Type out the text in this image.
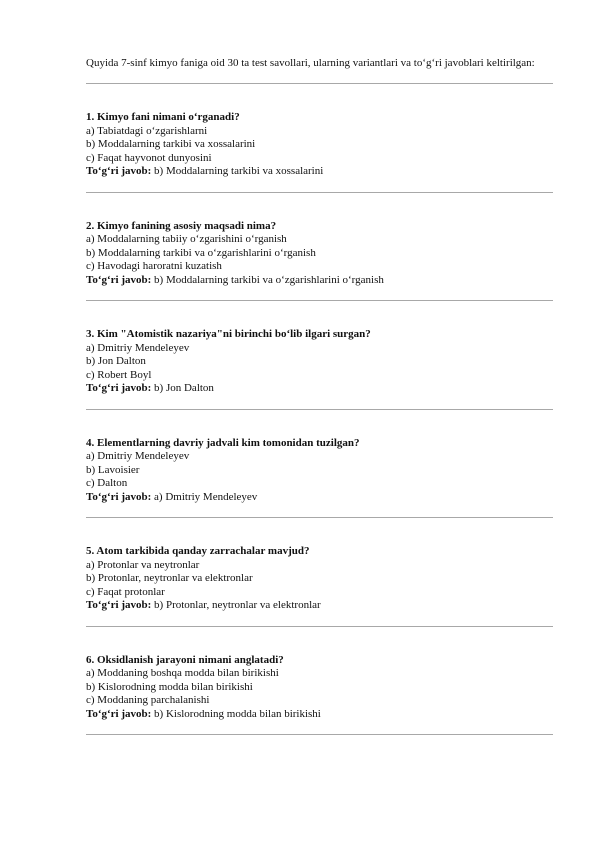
Quyida 7-sinf kimyo faniga oid 30 ta test savollari, ularning variantlari va to‘g‘ri javoblari keltirilgan:

1. Kimyo fani nimani o‘rganadi?

a) Tabiatdagi o‘zgarishlarni

b) Moddalarning tarkibi va xossalarini

c) Faqat hayvonot dunyosini

To‘g‘ri javob: b) Moddalarning tarkibi va xossalarini

2. Kimyo fanining asosiy maqsadi nima?

a) Moddalarning tabiiy o‘zgarishini o‘rganish

b) Moddalarning tarkibi va o‘zgarishlarini o‘rganish

c) Havodagi haroratni kuzatish

To‘g‘ri javob: b) Moddalarning tarkibi va o‘zgarishlarini o‘rganish

3. Kim "Atomistik nazariya"ni birinchi bo‘lib ilgari surgan?

a) Dmitriy Mendeleyev

b) Jon Dalton

c) Robert Boyl

To‘g‘ri javob: b) Jon Dalton

4. Elementlarning davriy jadvali kim tomonidan tuzilgan?

a) Dmitriy Mendeleyev

b) Lavoisier

c) Dalton

To‘g‘ri javob: a) Dmitriy Mendeleyev

5. Atom tarkibida qanday zarrachalar mavjud?

a) Protonlar va neytronlar

b) Protonlar, neytronlar va elektronlar

c) Faqat protonlar

To‘g‘ri javob: b) Protonlar, neytronlar va elektronlar

6. Oksidlanish jarayoni nimani anglatadi?

a) Moddaning boshqa modda bilan birikishi

b) Kislorodning modda bilan birikishi

c) Moddaning parchalanishi

To‘g‘ri javob: b) Kislorodning modda bilan birikishi
